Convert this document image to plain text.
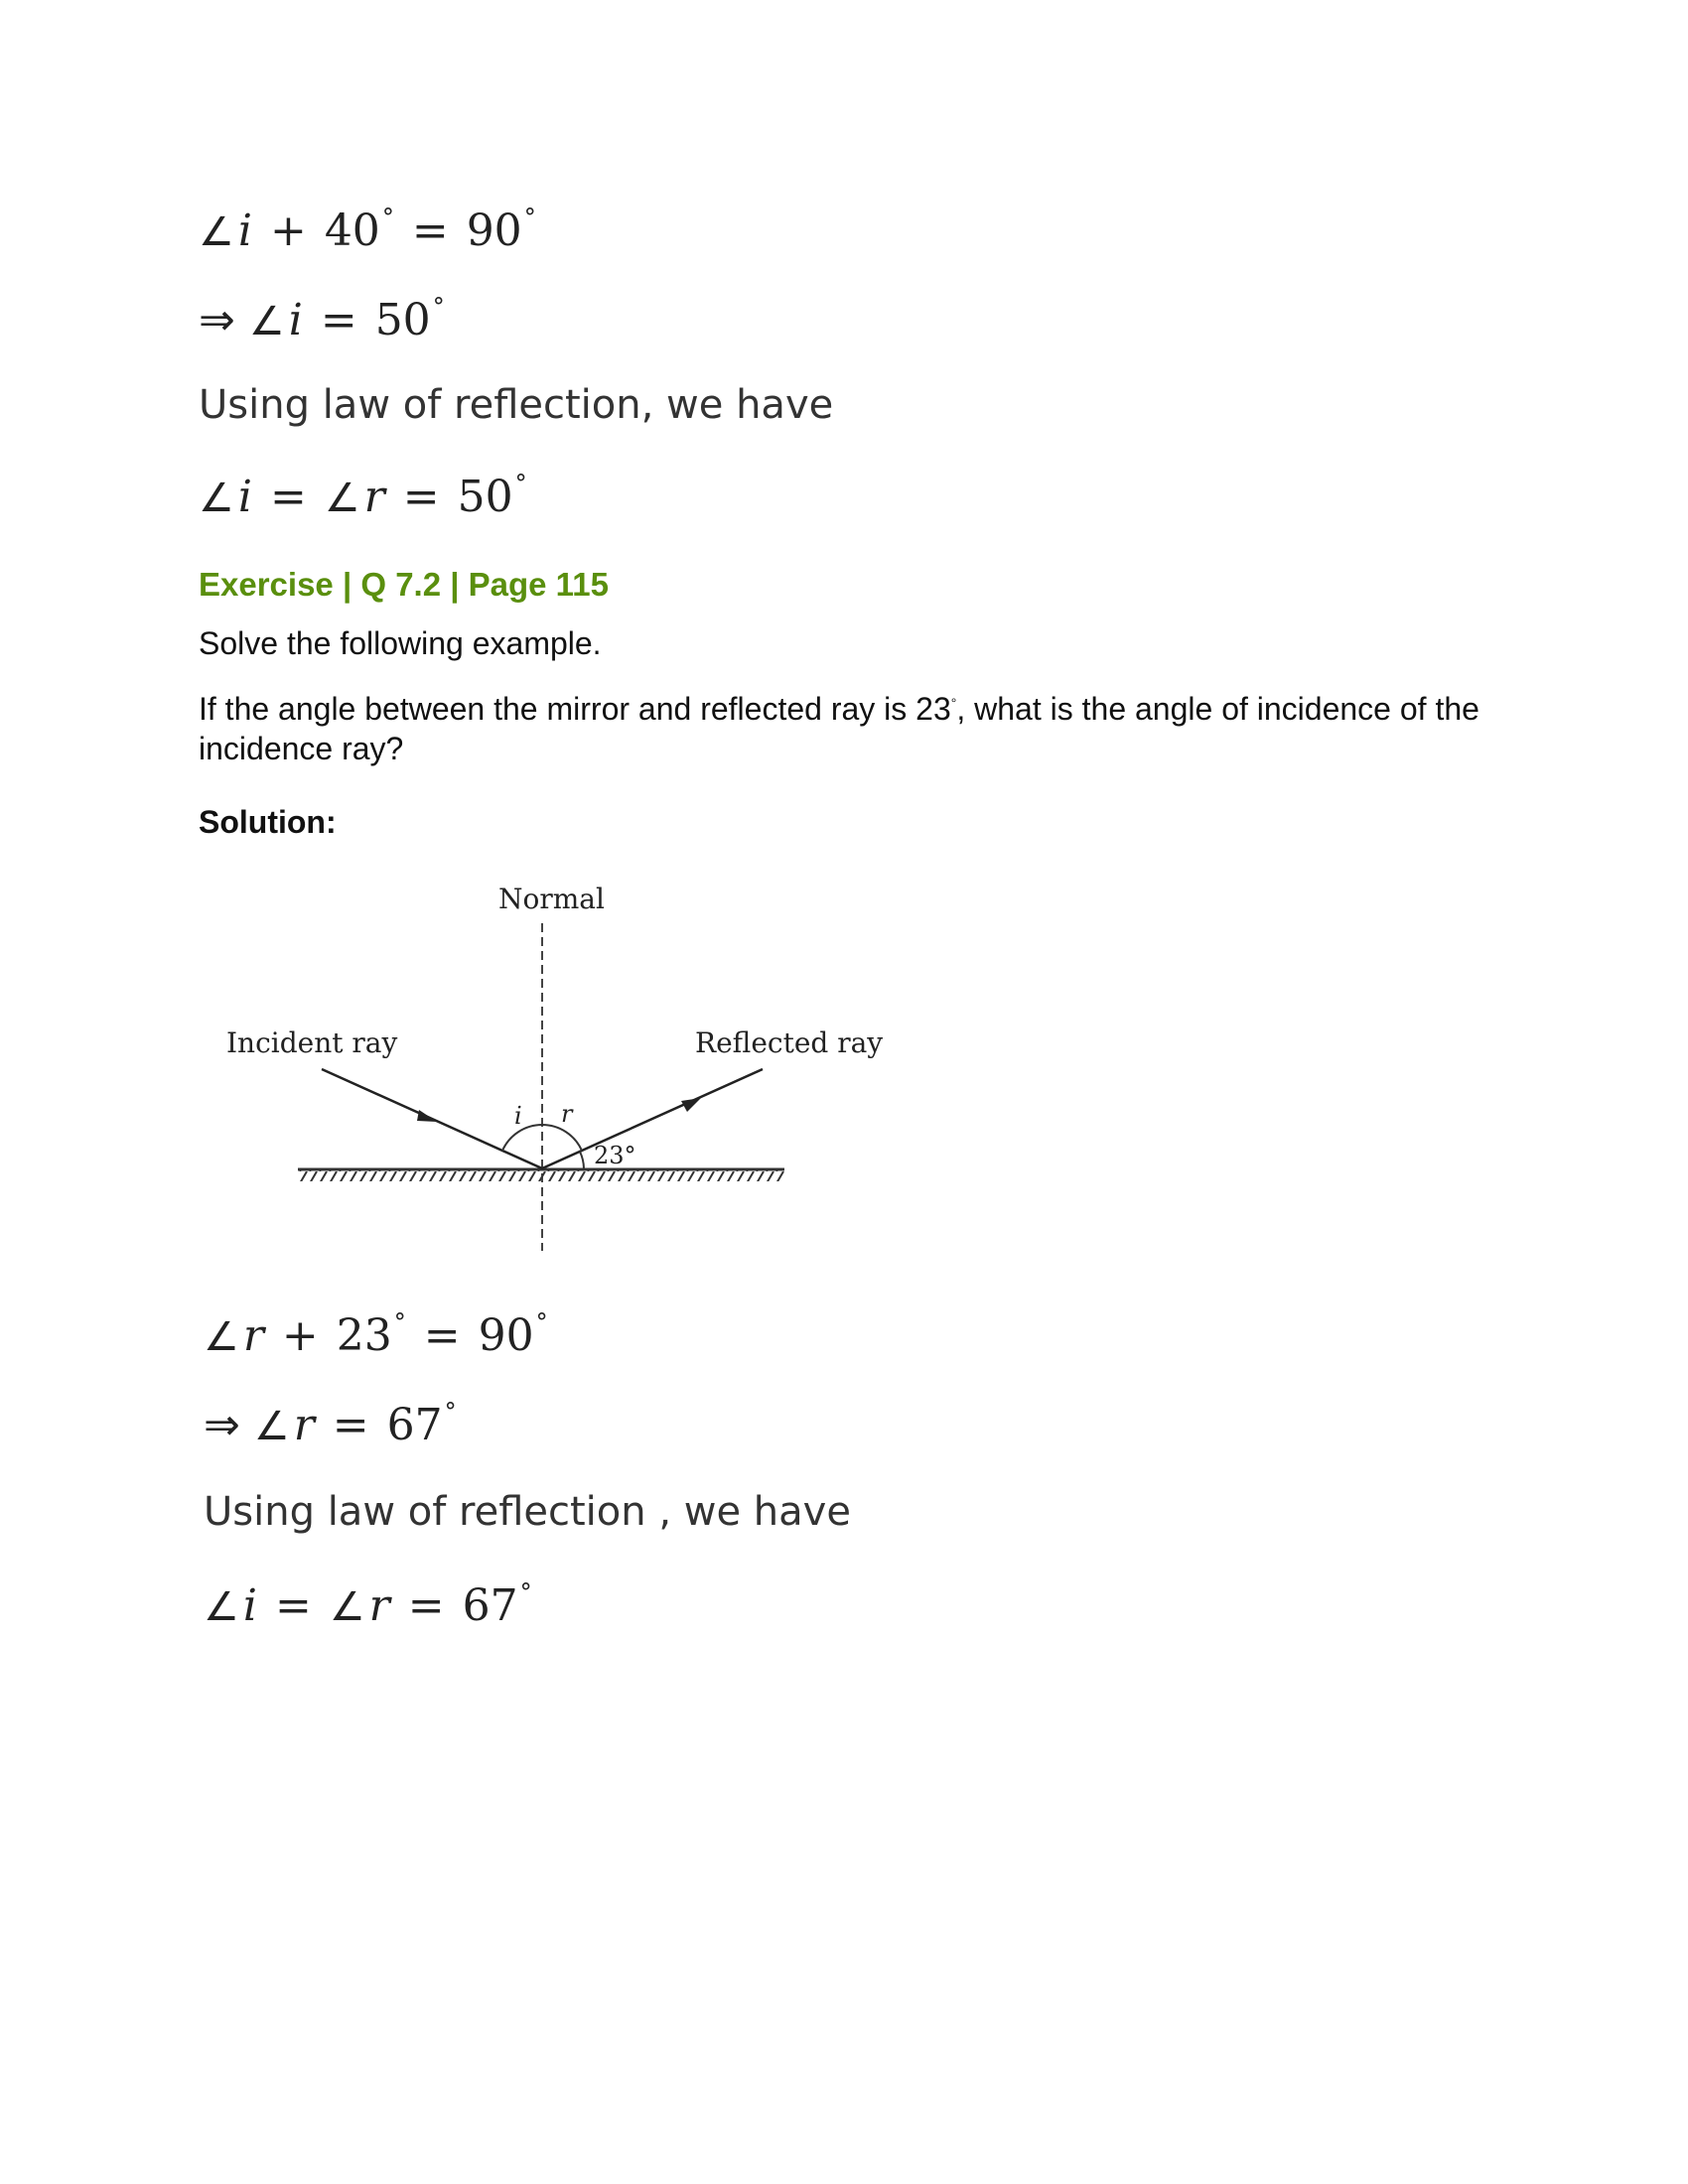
∠i + 40° = 90°
⇒ ∠i = 50°
Using law of reflection, we have
∠i = ∠r = 50°
Exercise | Q 7.2 | Page 115
Solve the following example.
If the angle between the mirror and reflected ray is 23°, what is the angle of incidence of the incidence ray?
Solution:
Normal
Incident ray	Reflected ray
i r
23°
∠r + 23° = 90°
⇒ ∠r = 67°
Using law of reflection , we have
∠i = ∠r = 67°
